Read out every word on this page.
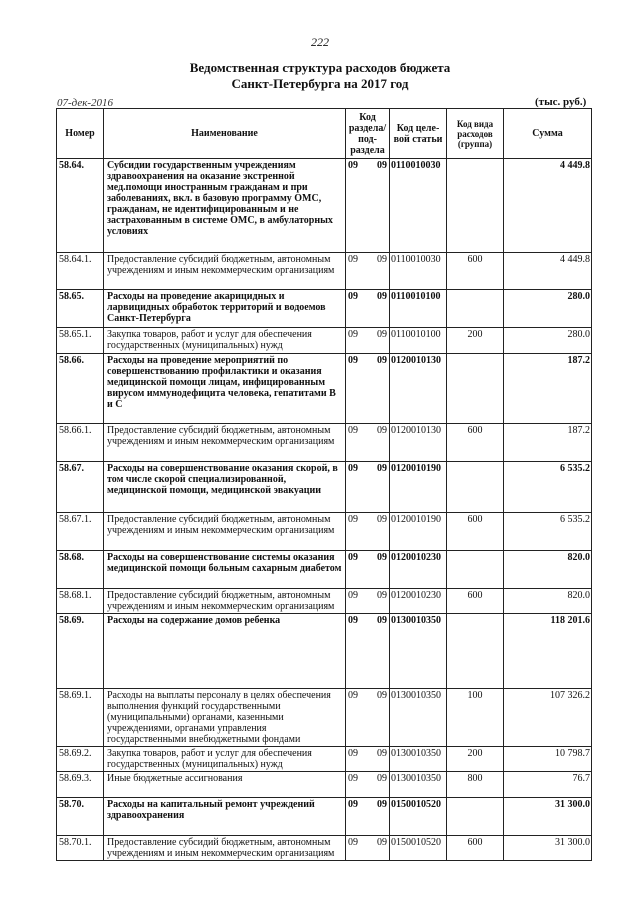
222
Ведомственная структура расходов бюджета
Санкт-Петербурга на 2017 год
07-дек-2016	(тыс. руб.)
Номер	Наименование	Код раздела/ под- раздела	Код целе- вой статьи	Код вида расходов (группа)	Сумма
58.64.	Субсидии государственным учреждениям здравоохранения на оказание экстренной мед.помощи иностранным гражданам и при заболеваниях, вкл. в базовую программу ОМС, гражданам, не идентифицированным и не застрахованным в системе ОМС, в амбулаторных условиях	09 09	0110010030		4 449.8
58.64.1.	Предоставление субсидий бюджетным, автономным учреждениям и иным некоммерческим организациям	09 09	0110010030	600	4 449.8
58.65.	Расходы на проведение акарицидных и ларвицидных обработок территорий и водоемов Санкт-Петербурга	09 09	0110010100		280.0
58.65.1.	Закупка товаров, работ и услуг для обеспечения государственных (муниципальных) нужд	09 09	0110010100	200	280.0
58.66.	Расходы на проведение мероприятий по совершенствованию профилактики и оказания медицинской помощи лицам, инфицированным вирусом иммунодефицита человека, гепатитами В и С	09 09	0120010130		187.2
58.66.1.	Предоставление субсидий бюджетным, автономным учреждениям и иным некоммерческим организациям	09 09	0120010130	600	187.2
58.67.	Расходы на совершенствование оказания скорой, в том числе скорой специализированной, медицинской помощи, медицинской эвакуации	09 09	0120010190		6 535.2
58.67.1.	Предоставление субсидий бюджетным, автономным учреждениям и иным некоммерческим организациям	09 09	0120010190	600	6 535.2
58.68.	Расходы на совершенствование системы оказания медицинской помощи больным сахарным диабетом	09 09	0120010230		820.0
58.68.1.	Предоставление субсидий бюджетным, автономным учреждениям и иным некоммерческим организациям	09 09	0120010230	600	820.0
58.69.	Расходы на содержание домов ребенка	09 09	0130010350		118 201.6
58.69.1.	Расходы на выплаты персоналу в целях обеспечения выполнения функций государственными (муниципальными) органами, казенными учреждениями, органами управления государственными внебюджетными фондами	09 09	0130010350	100	107 326.2
58.69.2.	Закупка товаров, работ и услуг для обеспечения государственных (муниципальных) нужд	09 09	0130010350	200	10 798.7
58.69.3.	Иные бюджетные ассигнования	09 09	0130010350	800	76.7
58.70.	Расходы на капитальный ремонт учреждений здравоохранения	09 09	0150010520		31 300.0
58.70.1.	Предоставление субсидий бюджетным, автономным учреждениям и иным некоммерческим организациям	09 09	0150010520	600	31 300.0
